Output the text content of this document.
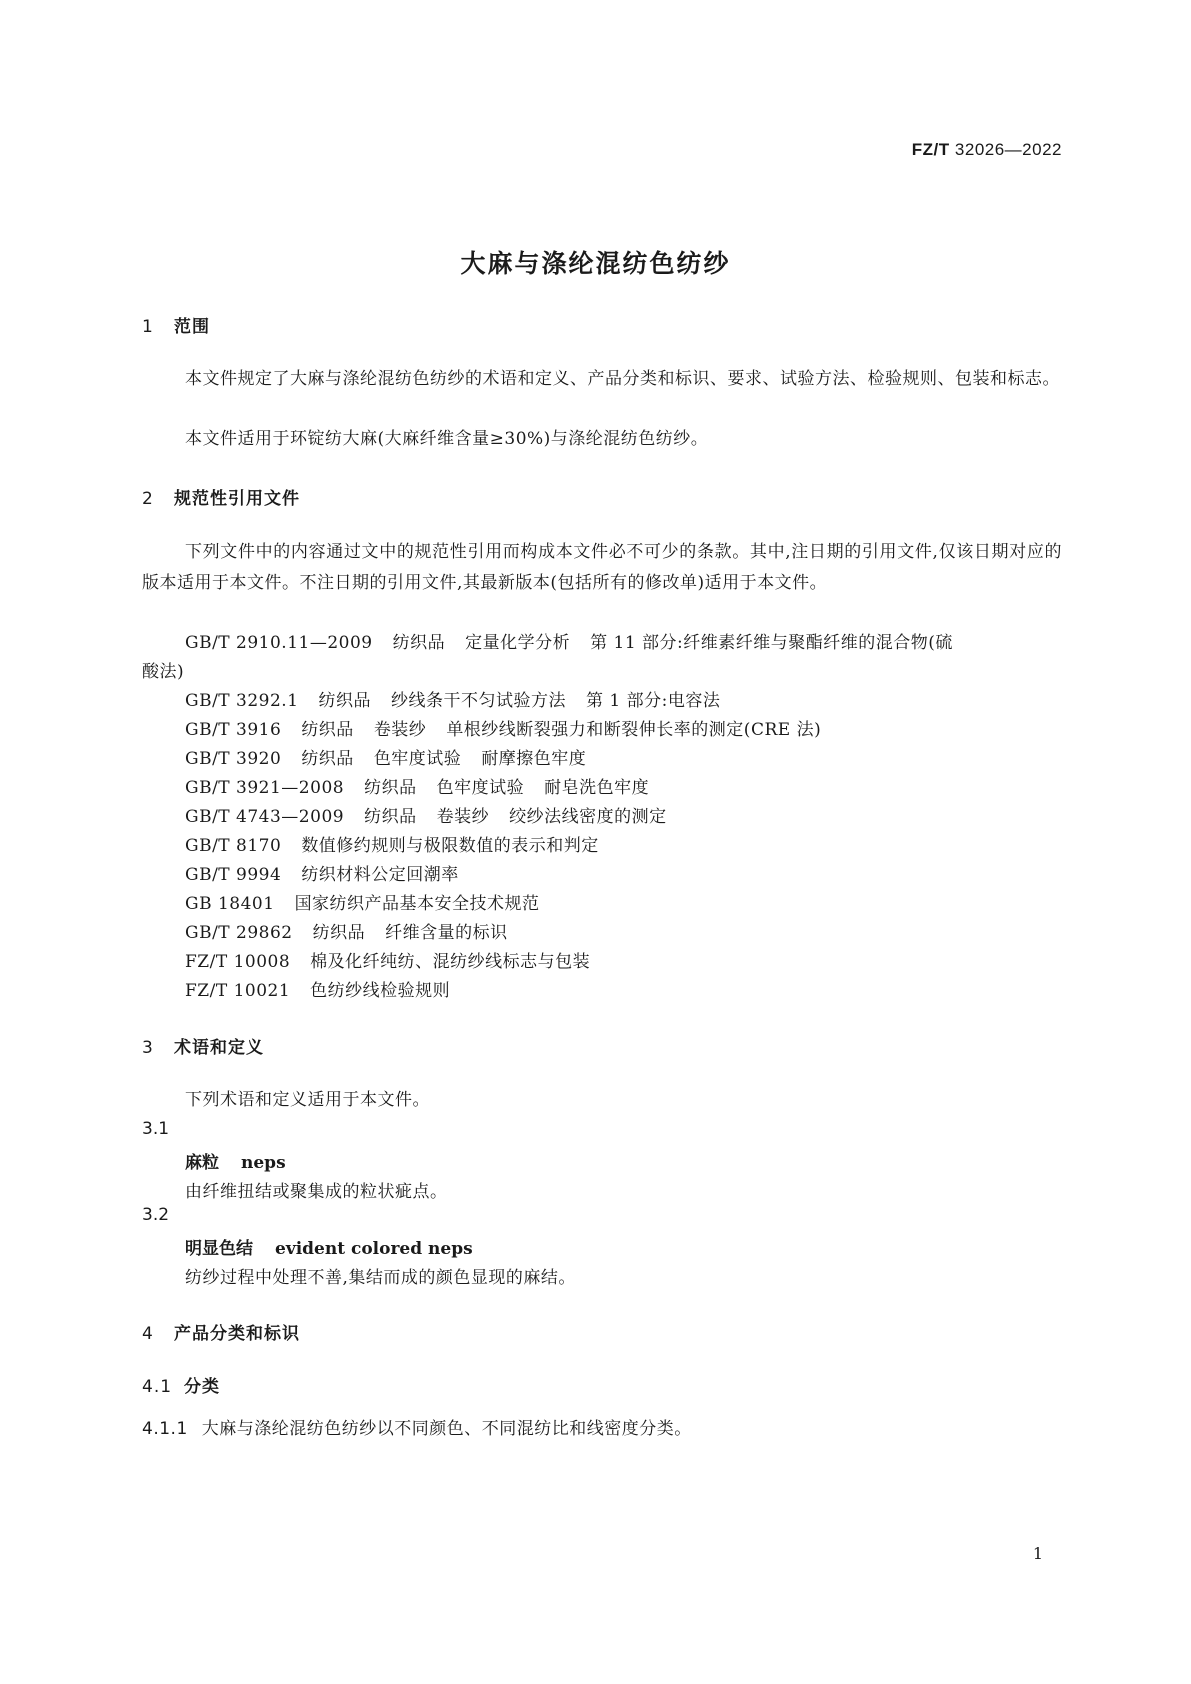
FZ/T 32026—2022
大麻与涤纶混纺色纺纱
1 范围
本文件规定了大麻与涤纶混纺色纺纱的术语和定义、产品分类和标识、要求、试验方法、检验规则、包装和标志。
本文件适用于环锭纺大麻(大麻纤维含量≥30%)与涤纶混纺色纺纱。
2 规范性引用文件
下列文件中的内容通过文中的规范性引用而构成本文件必不可少的条款。其中,注日期的引用文件,仅该日期对应的版本适用于本文件。不注日期的引用文件,其最新版本(包括所有的修改单)适用于本文件。
GB/T 2910.11—2009 纺织品 定量化学分析 第 11 部分:纤维素纤维与聚酯纤维的混合物(硫
酸法)
GB/T 3292.1 纺织品 纱线条干不匀试验方法 第 1 部分:电容法
GB/T 3916 纺织品 卷装纱 单根纱线断裂强力和断裂伸长率的测定(CRE 法)
GB/T 3920 纺织品 色牢度试验 耐摩擦色牢度
GB/T 3921—2008 纺织品 色牢度试验 耐皂洗色牢度
GB/T 4743—2009 纺织品 卷装纱 绞纱法线密度的测定
GB/T 8170 数值修约规则与极限数值的表示和判定
GB/T 9994 纺织材料公定回潮率
GB 18401 国家纺织产品基本安全技术规范
GB/T 29862 纺织品 纤维含量的标识
FZ/T 10008 棉及化纤纯纺、混纺纱线标志与包装
FZ/T 10021 色纺纱线检验规则
3 术语和定义
下列术语和定义适用于本文件。
3.1
麻粒 neps
由纤维扭结或聚集成的粒状疵点。
3.2
明显色结 evident colored neps
纺纱过程中处理不善,集结而成的颜色显现的麻结。
4 产品分类和标识
4.1 分类
4.1.1 大麻与涤纶混纺色纺纱以不同颜色、不同混纺比和线密度分类。
1
